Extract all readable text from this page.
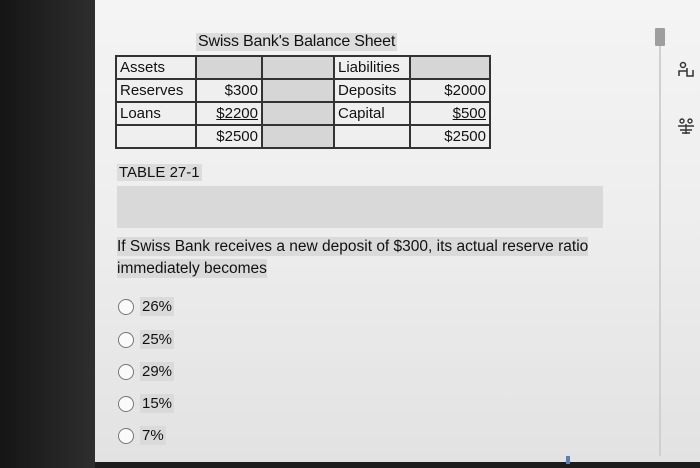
Swiss Bank's Balance Sheet
Assets			Liabilities	
Reserves	$300		Deposits	$2000
Loans	$2200		Capital	$500
	$2500			$2500
TABLE 27-1
If Swiss Bank receives a new deposit of $300, its actual reserve ratio
immediately becomes
26%
25%
29%
15%
7%
